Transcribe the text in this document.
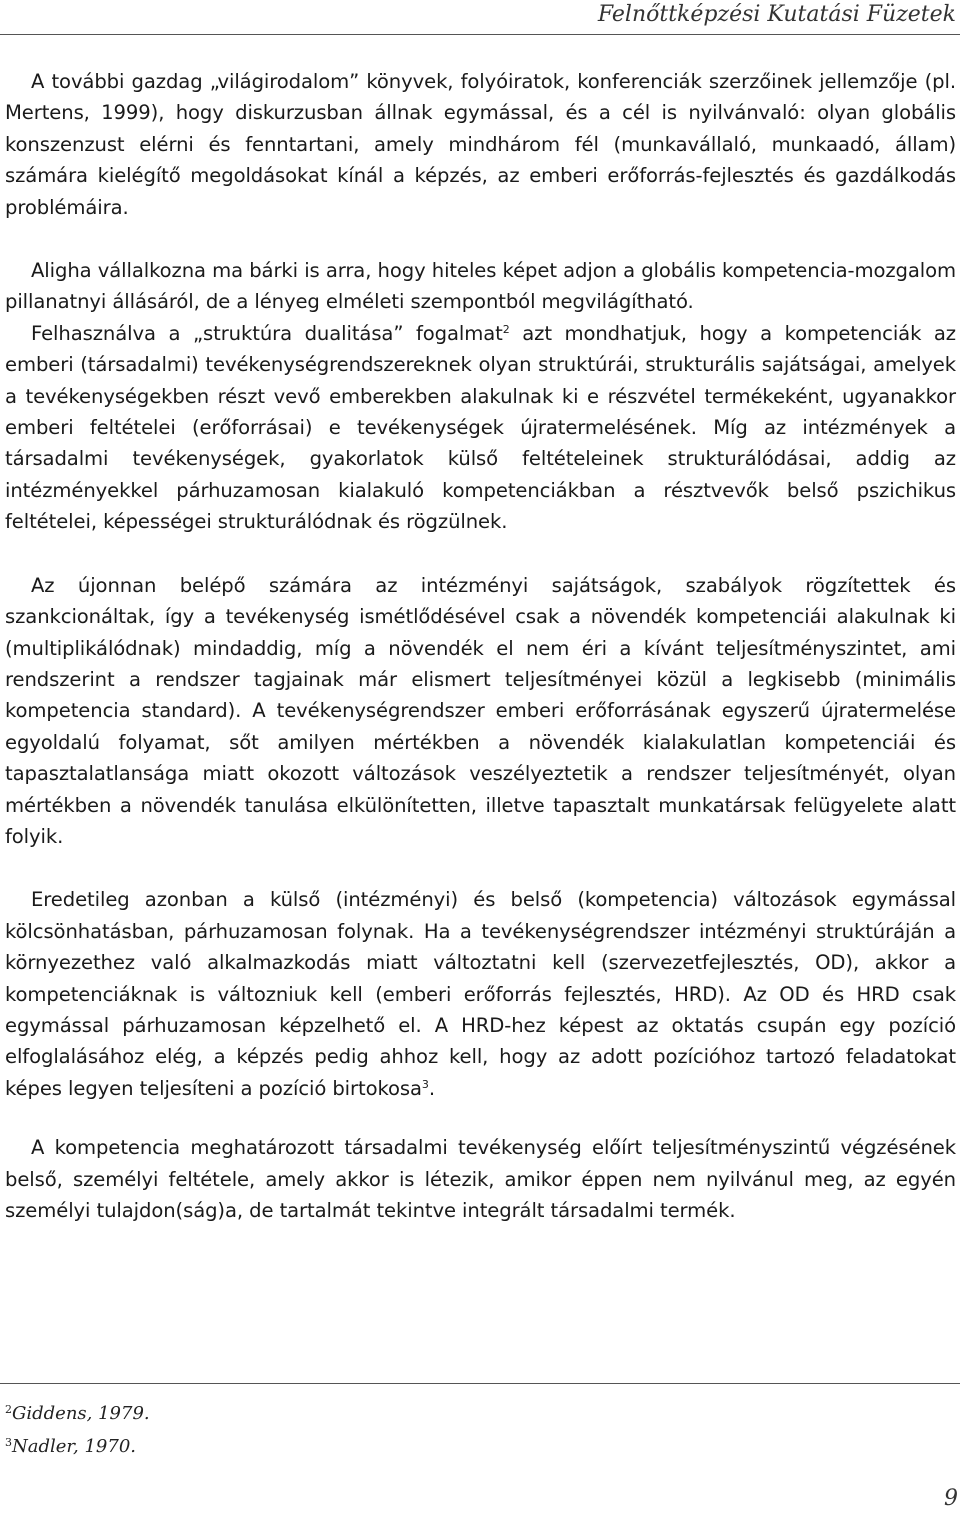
Felnőttképzési Kutatási Füzetek

A további gazdag „világirodalom” könyvek, folyóiratok, konferenciák szerzőinek jellemzője (pl. Mertens, 1999), hogy diskurzusban állnak egymással, és a cél is nyilvánvaló: olyan globális konszenzust elérni és fenntartani, amely mindhárom fél (munkavállaló, munkaadó, állam) számára kielégítő megoldásokat kínál a képzés, az emberi erőforrás-fejlesztés és gazdálkodás problémáira.

Aligha vállalkozna ma bárki is arra, hogy hiteles képet adjon a globális kompetencia-mozgalom pillanatnyi állásáról, de a lényeg elméleti szempontból megvilágítható.

Felhasználva a „struktúra dualitása” fogalmat$^2$ azt mondhatjuk, hogy a kompetenciák az emberi (társadalmi) tevékenységrendszereknek olyan struktúrái, strukturális sajátságai, amelyek a tevékenységekben részt vevő emberekben alakulnak ki e részvétel termékeként, ugyanakkor emberi feltételei (erőforrásai) e tevékenységek újratermelésének. Míg az intézmények a társadalmi tevékenységek, gyakorlatok külső feltételeinek strukturálódásai, addig az intézményekkel párhuzamosan kialakuló kompetenciákban a résztvevők belső pszichikus feltételei, képességei strukturálódnak és rögzülnek.

Az újonnan belépő számára az intézményi sajátságok, szabályok rögzítettek és szankcionáltak, így a tevékenység ismétlődésével csak a növendék kompetenciái alakulnak ki (multiplikálódnak) mindaddig, míg a növendék el nem éri a kívánt teljesítményszintet, ami rendszerint a rendszer tagjainak már elismert teljesítményei közül a legkisebb (minimális kompetencia standard). A tevékenységrendszer emberi erőforrásának egyszerű újratermelése egyoldalú folyamat, sőt amilyen mértékben a növendék kialakulatlan kompetenciái és tapasztalatlansága miatt okozott változások veszélyeztetik a rendszer teljesítményét, olyan mértékben a növendék tanulása elkülönítetten, illetve tapasztalt munkatársak felügyelete alatt folyik.

Eredetileg azonban a külső (intézményi) és belső (kompetencia) változások egymással kölcsönhatásban, párhuzamosan folynak. Ha a tevékenységrendszer intézményi struktúráján a környezethez való alkalmazkodás miatt változtatni kell (szervezetfejlesztés, OD), akkor a kompetenciáknak is változniuk kell (emberi erőforrás fejlesztés, HRD). Az OD és HRD csak egymással párhuzamosan képzelhető el. A HRD-hez képest az oktatás csupán egy pozíció elfoglalásához elég, a képzés pedig ahhoz kell, hogy az adott pozícióhoz tartozó feladatokat képes legyen teljesíteni a pozíció birtokosa$^3$.

A kompetencia meghatározott társadalmi tevékenység előírt teljesítményszintű végzésének belső, személyi feltétele, amely akkor is létezik, amikor éppen nem nyilvánul meg, az egyén személyi tulajdon(ság)a, de tartalmát tekintve integrált társadalmi termék.

$^2$Giddens, 1979.
$^3$Nadler, 1970.
9
